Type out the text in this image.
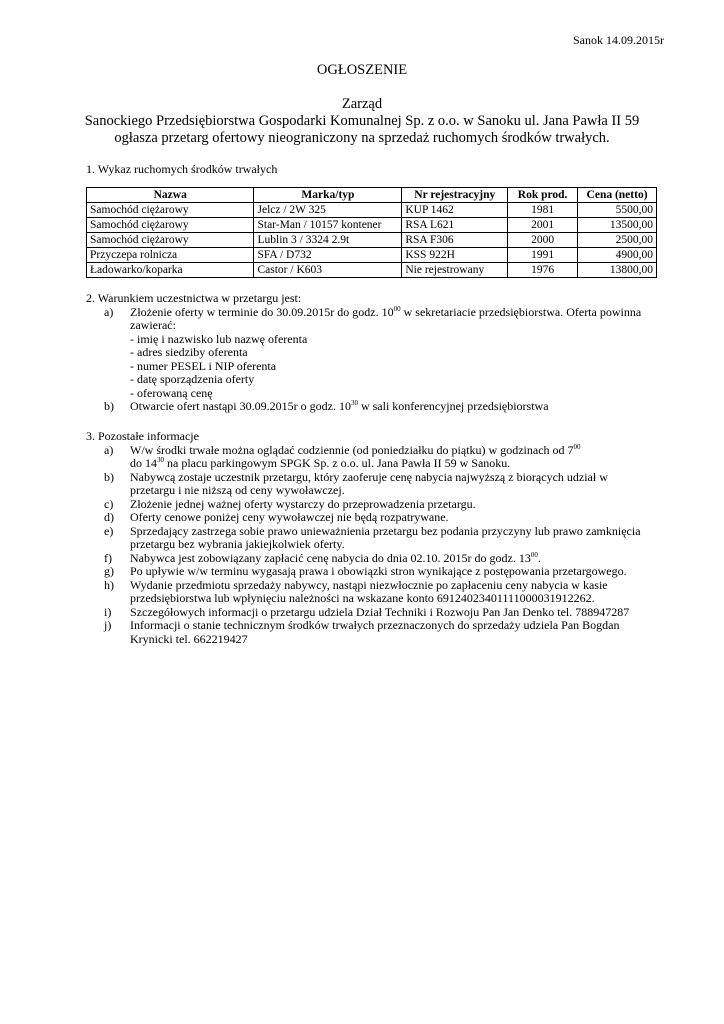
Sanok 14.09.2015r
OGŁOSZENIE
Zarząd
Sanockiego Przedsiębiorstwa Gospodarki Komunalnej Sp. z o.o. w Sanoku ul. Jana Pawła II 59
ogłasza przetarg ofertowy nieograniczony na sprzedaż ruchomych środków trwałych.
1. Wykaz ruchomych środków trwałych
Nazwa	Marka/typ	Nr rejestracyjny	Rok prod.	Cena (netto)
Samochód ciężarowy	Jelcz / 2W 325	KUP 1462	1981	5500,00
Samochód ciężarowy	Star-Man / 10157 kontener	RSA L621	2001	13500,00
Samochód ciężarowy	Lublin 3 / 3324 2.9t	RSA F306	2000	2500,00
Przyczepa rolnicza	SFA / D732	KSS 922H	1991	4900,00
Ładowarko/koparka	Castor / K603	Nie rejestrowany	1976	13800,00
2. Warunkiem uczestnictwa w przetargu jest:
a) Złożenie oferty w terminie do 30.09.2015r do godz. $10^{00}$ w sekretariacie przedsiębiorstwa. Oferta powinna
zawierać:
- imię i nazwisko lub nazwę oferenta
- adres siedziby oferenta
- numer PESEL i NIP oferenta
- datę sporządzenia oferty
- oferowaną cenę
b) Otwarcie ofert nastąpi 30.09.2015r o godz. $10^{30}$ w sali konferencyjnej przedsiębiorstwa
3. Pozostałe informacje
a) W/w środki trwałe można oglądać codziennie (od poniedziałku do piątku) w godzinach od $7^{00}$
do $14^{30}$ na placu parkingowym SPGK Sp. z o.o. ul. Jana Pawła II 59 w Sanoku.
b) Nabywcą zostaje uczestnik przetargu, który zaoferuje cenę nabycia najwyższą z biorących udział w
przetargu i nie niższą od ceny wywoławczej.
c) Złożenie jednej ważnej oferty wystarczy do przeprowadzenia przetargu.
d) Oferty cenowe poniżej ceny wywoławczej nie będą rozpatrywane.
e) Sprzedający zastrzega sobie prawo unieważnienia przetargu bez podania przyczyny lub prawo zamknięcia
przetargu bez wybrania jakiejkolwiek oferty.
f) Nabywca jest zobowiązany zapłacić cenę nabycia do dnia 02.10. 2015r do godz. $13^{00}$.
g) Po upływie w/w terminu wygasają prawa i obowiązki stron wynikające z postępowania przetargowego.
h) Wydanie przedmiotu sprzedaży nabywcy, nastąpi niezwłocznie po zapłaceniu ceny nabycia w kasie
przedsiębiorstwa lub wpłynięciu należności na wskazane konto 69124023401111000031912262.
i) Szczegółowych informacji o przetargu udziela Dział Techniki i Rozwoju Pan Jan Denko tel. 788947287
j) Informacji o stanie technicznym środków trwałych przeznaczonych do sprzedaży udziela Pan Bogdan
Krynicki tel. 662219427
